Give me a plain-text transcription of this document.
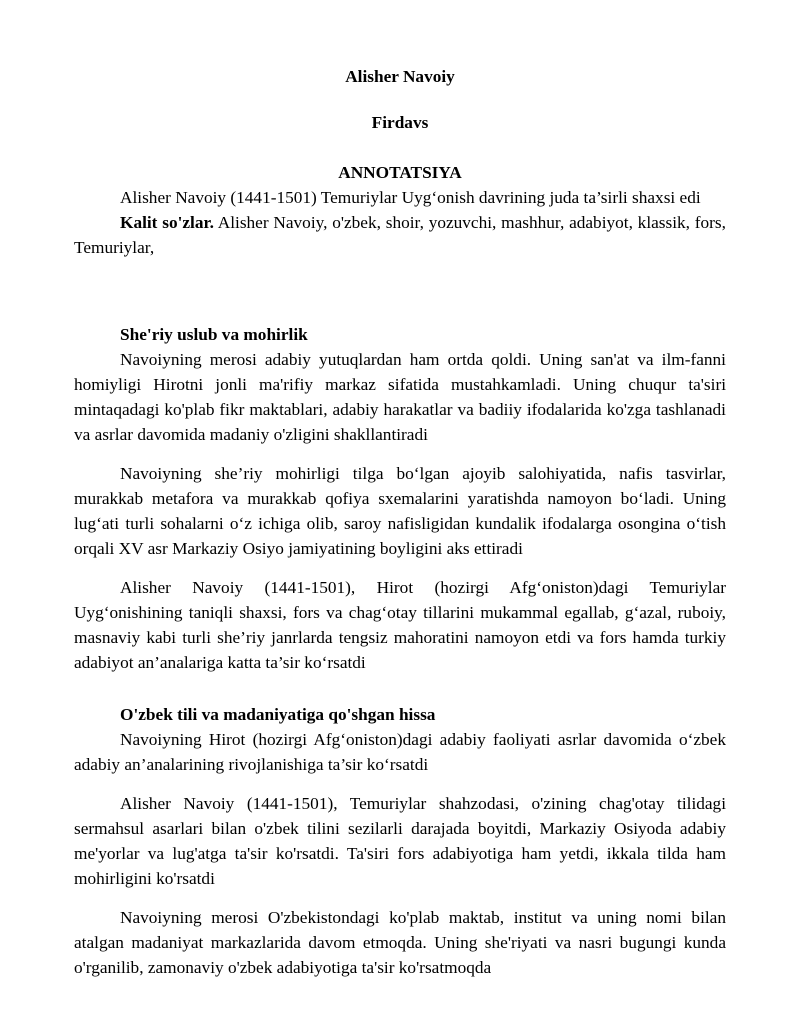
Alisher Navoiy
Firdavs
ANNOTATSIYA

Alisher Navoiy (1441-1501) Temuriylar Uyg‘onish davrining juda ta’sirli shaxsi edi

Kalit so'zlar. Alisher Navoiy, o'zbek, shoir, yozuvchi, mashhur, adabiyot, klassik, fors, Temuriylar,

She'riy uslub va mohirlik

Navoiyning merosi adabiy yutuqlardan ham ortda qoldi. Uning san'at va ilm-fanni homiyligi Hirotni jonli ma'rifiy markaz sifatida mustahkamladi. Uning chuqur ta'siri mintaqadagi ko'plab fikr maktablari, adabiy harakatlar va badiiy ifodalarida ko'zga tashlanadi va asrlar davomida madaniy o'zligini shakllantiradi

Navoiyning she’riy mohirligi tilga bo‘lgan ajoyib salohiyatida, nafis tasvirlar, murakkab metafora va murakkab qofiya sxemalarini yaratishda namoyon bo‘ladi. Uning lug‘ati turli sohalarni o‘z ichiga olib, saroy nafisligidan kundalik ifodalarga osongina o‘tish orqali XV asr Markaziy Osiyo jamiyatining boyligini aks ettiradi

Alisher Navoiy (1441-1501), Hirot (hozirgi Afg‘oniston)dagi Temuriylar Uyg‘onishining taniqli shaxsi, fors va chag‘otay tillarini mukammal egallab, g‘azal, ruboiy, masnaviy kabi turli she’riy janrlarda tengsiz mahoratini namoyon etdi va fors hamda turkiy adabiyot an’analariga katta ta’sir ko‘rsatdi

O'zbek tili va madaniyatiga qo'shgan hissa

Navoiyning Hirot (hozirgi Afg‘oniston)dagi adabiy faoliyati asrlar davomida o‘zbek adabiy an’analarining rivojlanishiga ta’sir ko‘rsatdi

Alisher Navoiy (1441-1501), Temuriylar shahzodasi, o'zining chag'otay tilidagi sermahsul asarlari bilan o'zbek tilini sezilarli darajada boyitdi, Markaziy Osiyoda adabiy me'yorlar va lug'atga ta'sir ko'rsatdi. Ta'siri fors adabiyotiga ham yetdi, ikkala tilda ham mohirligini ko'rsatdi

Navoiyning merosi O'zbekistondagi ko'plab maktab, institut va uning nomi bilan atalgan madaniyat markazlarida davom etmoqda. Uning she'riyati va nasri bugungi kunda o'rganilib, zamonaviy o'zbek adabiyotiga ta'sir ko'rsatmoqda
